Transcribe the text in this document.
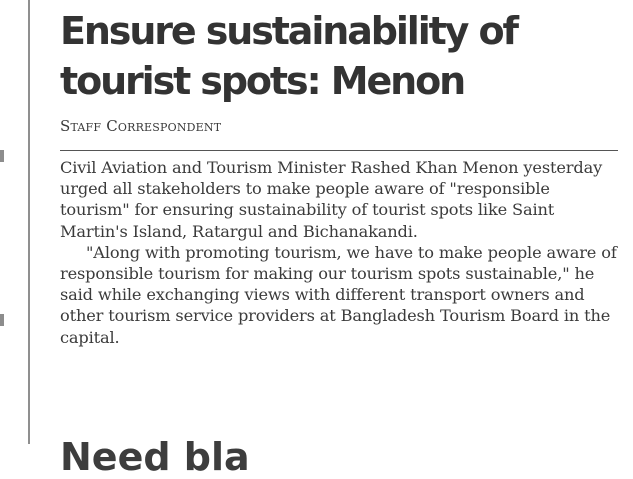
Ensure sustainability of tourist spots: Menon
Staff Correspondent

Civil Aviation and Tourism Minister Rashed Khan Menon yesterday urged all stakeholders to make people aware of "responsible tourism" for ensuring sustainability of tourist spots like Saint Martin's Island, Ratargul and Bichanakandi.

"Along with promoting tourism, we have to make people aware of responsible tourism for making our tourism spots sustainable," he said while exchanging views with different transport owners and other tourism service providers at Bangladesh Tourism Board in the capital.

Need bla
